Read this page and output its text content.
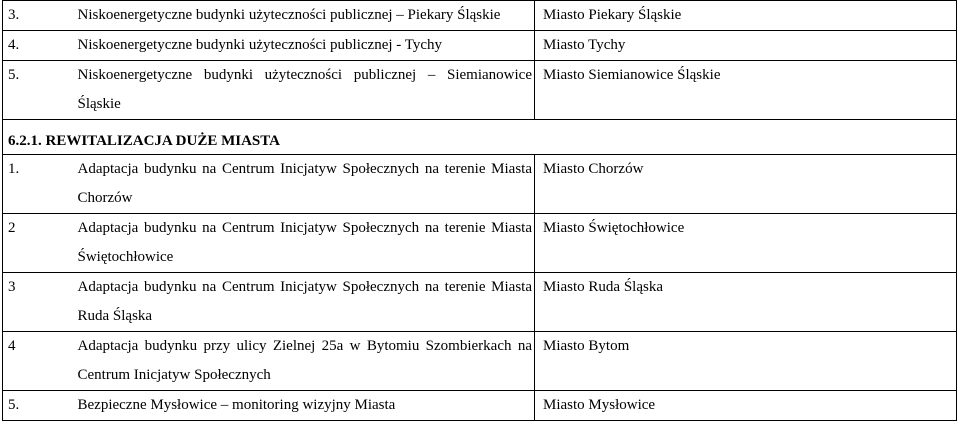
3.	Niskoenergetyczne budynki użyteczności publicznej – Piekary Śląskie	Miasto Piekary Śląskie
4.	Niskoenergetyczne budynki użyteczności publicznej - Tychy	Miasto Tychy
5.	Niskoenergetyczne budynki użyteczności publicznej – Siemianowice Śląskie	Miasto Siemianowice Śląskie
6.2.1. REWITALIZACJA DUŻE MIASTA		
1.	Adaptacja budynku na Centrum Inicjatyw Społecznych na terenie Miasta Chorzów	Miasto Chorzów
2	Adaptacja budynku na Centrum Inicjatyw Społecznych na terenie Miasta Świętochłowice	Miasto Świętochłowice
3	Adaptacja budynku na Centrum Inicjatyw Społecznych na terenie Miasta Ruda Śląska	Miasto Ruda Śląska
4	Adaptacja budynku przy ulicy Zielnej 25a w Bytomiu Szombierkach na Centrum Inicjatyw Społecznych	Miasto Bytom
5.	Bezpieczne Mysłowice – monitoring wizyjny Miasta	Miasto Mysłowice
